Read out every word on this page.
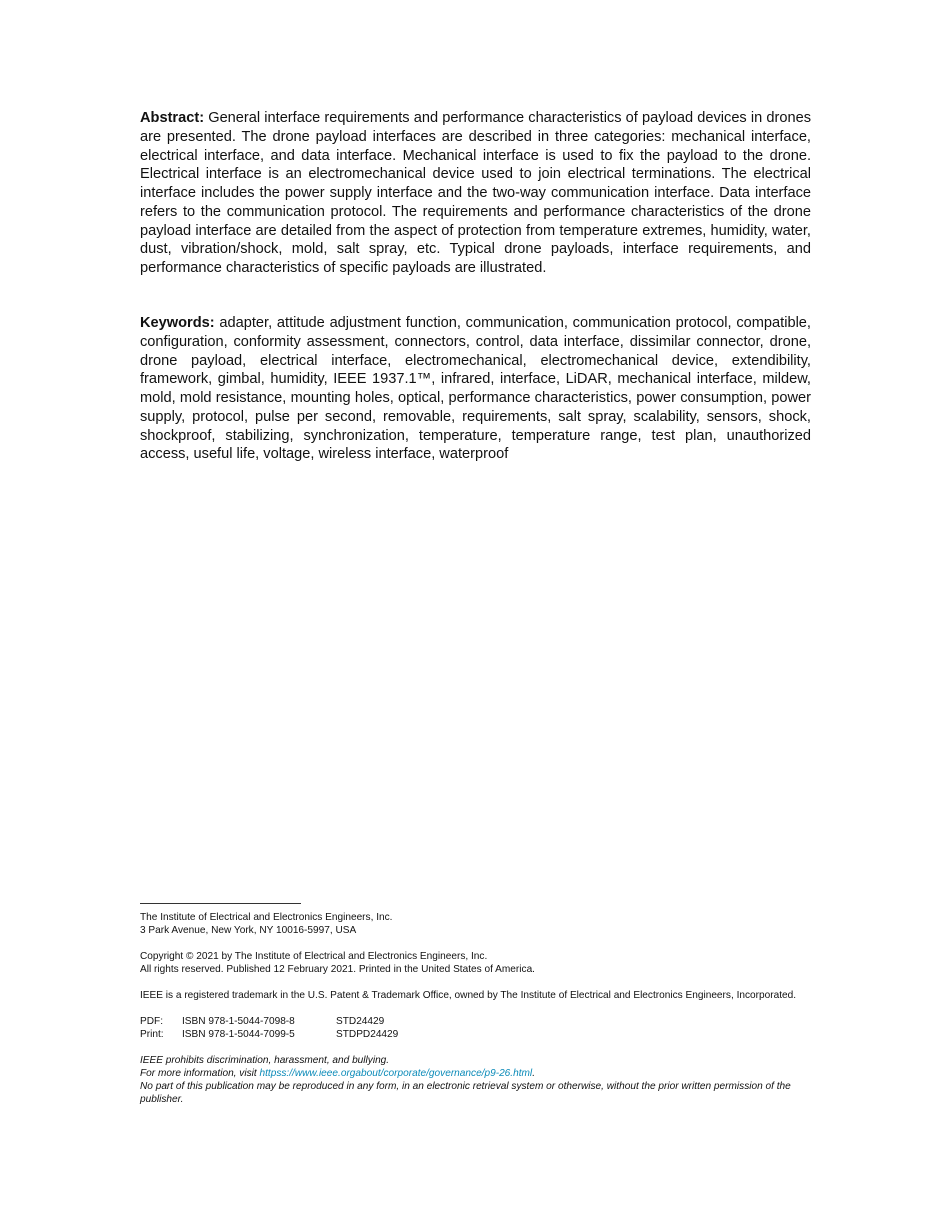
Abstract: General interface requirements and performance characteristics of payload devices in drones are presented. The drone payload interfaces are described in three categories: mechanical interface, electrical interface, and data interface. Mechanical interface is used to fix the payload to the drone. Electrical interface is an electromechanical device used to join electrical terminations. The electrical interface includes the power supply interface and the two-way communication interface. Data interface refers to the communication protocol. The requirements and performance characteristics of the drone payload interface are detailed from the aspect of protection from temperature extremes, humidity, water, dust, vibration/shock, mold, salt spray, etc. Typical drone payloads, interface requirements, and performance characteristics of specific payloads are illustrated.

Keywords: adapter, attitude adjustment function, communication, communication protocol, compatible, configuration, conformity assessment, connectors, control, data interface, dissimilar connector, drone, drone payload, electrical interface, electromechanical, electromechanical device, extendibility, framework, gimbal, humidity, IEEE 1937.1™, infrared, interface, LiDAR, mechanical interface, mildew, mold, mold resistance, mounting holes, optical, performance characteristics, power consumption, power supply, protocol, pulse per second, removable, requirements, salt spray, scalability, sensors, shock, shockproof, stabilizing, synchronization, temperature, temperature range, test plan, unauthorized access, useful life, voltage, wireless interface, waterproof

The Institute of Electrical and Electronics Engineers, Inc.
3 Park Avenue, New York, NY 10016-5997, USA
Copyright © 2021 by The Institute of Electrical and Electronics Engineers, Inc.
All rights reserved. Published 12 February 2021. Printed in the United States of America.
IEEE is a registered trademark in the U.S. Patent & Trademark Office, owned by The Institute of Electrical and Electronics Engineers, Incorporated.
PDF:	ISBN 978-1-5044-7098-8	STD24429
Print:	ISBN 978-1-5044-7099-5	STDPD24429
IEEE prohibits discrimination, harassment, and bullying.
For more information, visit httpss://www.ieee.orgabout/corporate/governance/p9-26.html.
No part of this publication may be reproduced in any form, in an electronic retrieval system or otherwise, without the prior written permission of the publisher.
